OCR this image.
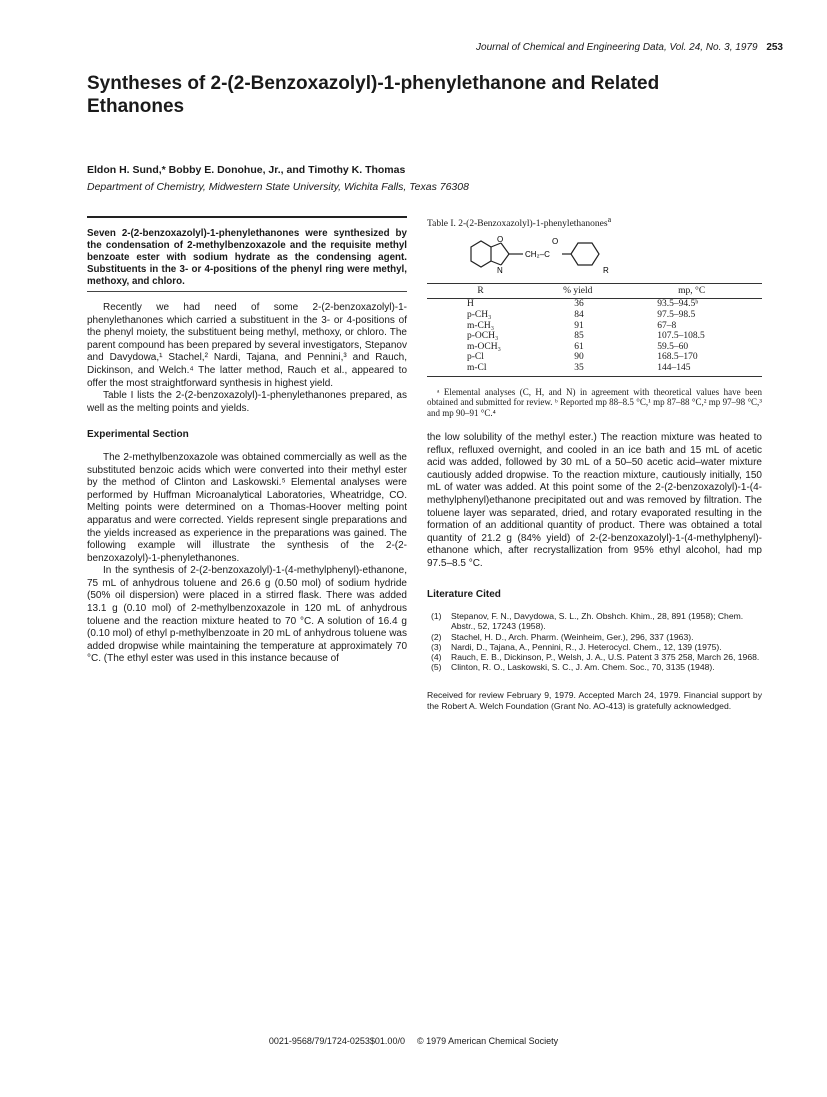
Journal of Chemical and Engineering Data, Vol. 24, No. 3, 1979 253
Syntheses of 2-(2-Benzoxazolyl)-1-phenylethanone and Related Ethanones
Eldon H. Sund,* Bobby E. Donohue, Jr., and Timothy K. Thomas
Department of Chemistry, Midwestern State University, Wichita Falls, Texas 76308

Seven 2-(2-benzoxazolyl)-1-phenylethanones were synthesized by the condensation of 2-methylbenzoxazole and the requisite methyl benzoate ester with sodium hydrate as the condensing agent. Substituents in the 3- or 4-positions of the phenyl ring were methyl, methoxy, and chloro.

Recently we had need of some 2-(2-benzoxazolyl)-1-phenylethanones which carried a substituent in the 3- or 4-positions of the phenyl moiety, the substituent being methyl, methoxy, or chloro. The parent compound has been prepared by several investigators, Stepanov and Davydowa,¹ Stachel,² Nardi, Tajana, and Pennini,³ and Rauch, Dickinson, and Welch.⁴ The latter method, Rauch et al., appeared to offer the most straightforward synthesis in highest yield.

Table I lists the 2-(2-benzoxazolyl)-1-phenylethanones prepared, as well as the melting points and yields.

Experimental Section

The 2-methylbenzoxazole was obtained commercially as well as the substituted benzoic acids which were converted into their methyl ester by the method of Clinton and Laskowski.⁵ Elemental analyses were performed by Huffman Microanalytical Laboratories, Wheatridge, CO. Melting points were determined on a Thomas-Hoover melting point apparatus and were corrected. Yields represent single preparations and the yields increased as experience in the preparations was gained. The following example will illustrate the synthesis of the 2-(2-benzoxazolyl)-1-phenylethanones.

In the synthesis of 2-(2-benzoxazolyl)-1-(4-methylphenyl)-ethanone, 75 mL of anhydrous toluene and 26.6 g (0.50 mol) of sodium hydride (50% oil dispersion) were placed in a stirred flask. There was added 13.1 g (0.10 mol) of 2-methylbenzoxazole in 120 mL of anhydrous toluene and the reaction mixture heated to 70 °C. A solution of 16.4 g (0.10 mol) of ethyl p-methylbenzoate in 20 mL of anhydrous toluene was added dropwise while maintaining the temperature at approximately 70 °C. (The ethyl ester was used in this instance because of

Table I. 2-(2-Benzoxazolyl)-1-phenylethanones$^a$
O
N
CH₂–C
O
R
R	% yield	mp, °C
H	36	93.5–94.5ᵇ
p-CH₃	84	97.5–98.5
m-CH₃	91	67–8
p-OCH₃	85	107.5–108.5
m-OCH₃	61	59.5–60
p-Cl	90	168.5–170
m-Cl	35	144–145

ᵃ Elemental analyses (C, H, and N) in agreement with theoretical values have been obtained and submitted for review. ᵇ Reported mp 88–8.5 °C,¹ mp 87–88 °C,² mp 97–98 °C,³ and mp 90–91 °C.⁴

the low solubility of the methyl ester.) The reaction mixture was heated to reflux, refluxed overnight, and cooled in an ice bath and 15 mL of acetic acid was added, followed by 30 mL of a 50–50 acetic acid–water mixture cautiously added dropwise. To the reaction mixture, cautiously initially, 150 mL of water was added. At this point some of the 2-(2-benzoxazolyl)-1-(4-methylphenyl)ethanone precipitated out and was removed by filtration. The toluene layer was separated, dried, and rotary evaporated resulting in the formation of an additional quantity of product. There was obtained a total quantity of 21.2 g (84% yield) of 2-(2-benzoxazolyl)-1-(4-methylphenyl)-ethanone which, after recrystallization from 95% ethyl alcohol, had mp 97.5–8.5 °C.

Literature Cited
(1)	Stepanov, F. N., Davydowa, S. L., Zh. Obshch. Khim., 28, 891 (1958); Chem. Abstr., 52, 17243 (1958).
(2)	Stachel, H. D., Arch. Pharm. (Weinheim, Ger.), 296, 337 (1963).
(3)	Nardi, D., Tajana, A., Pennini, R., J. Heterocycl. Chem., 12, 139 (1975).
(4)	Rauch, E. B., Dickinson, P., Welsh, J. A., U.S. Patent 3 375 258, March 26, 1968.
(5)	Clinton, R. O., Laskowski, S. C., J. Am. Chem. Soc., 70, 3135 (1948).

Received for review February 9, 1979. Accepted March 24, 1979. Financial support by the Robert A. Welch Foundation (Grant No. AO-413) is gratefully acknowledged.

0021-9568/79/1724-0253$01.00/0 © 1979 American Chemical Society
